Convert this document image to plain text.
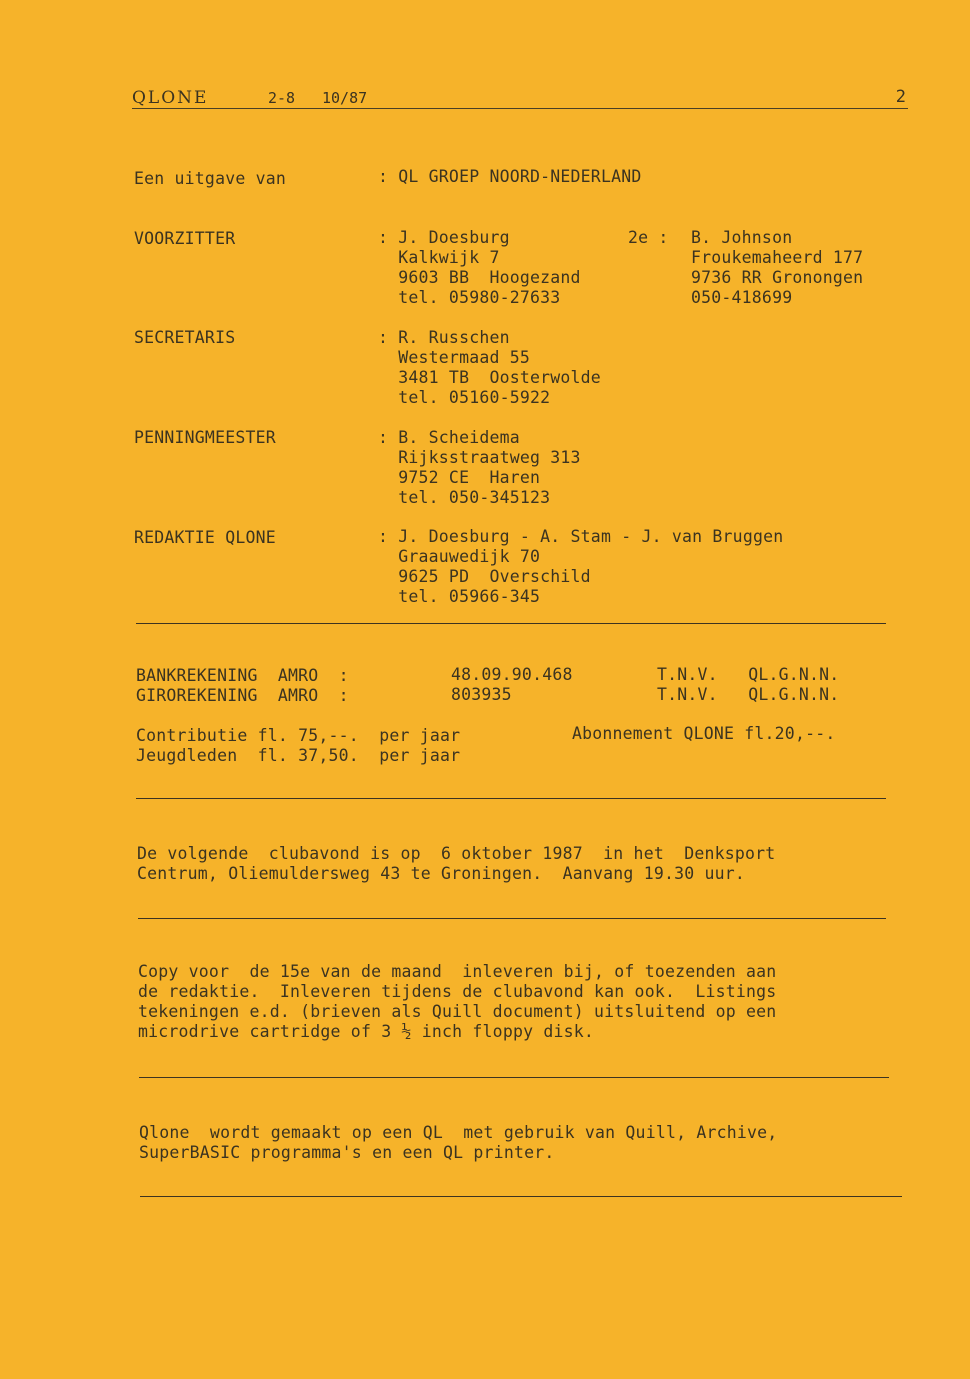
QLONE	2-8 10/87	2
Een uitgave van	: QL GROEP NOORD-NEDERLAND
VOORZITTER	: J. Doesburg
Kalkwijk 7
9603 BB  Hoogezand
tel. 05980-27633
2e : B. Johnson
Froukemaheerd 177
9736 RR Gronongen
050-418699
SECRETARIS	: R. Russchen
Westermaad 55
3481 TB  Oosterwolde
tel. 05160-5922
PENNINGMEESTER	: B. Scheidema
Rijksstraatweg 313
9752 CE  Haren
tel. 050-345123
REDAKTIE QLONE	: J. Doesburg - A. Stam - J. van Bruggen
Graauwedijk 70
9625 PD  Overschild
tel. 05966-345
BANKREKENING  AMRO  :	48.09.90.468	T.N.V.   QL.G.N.N.
GIROREKENING  AMRO  :	803935	T.N.V.   QL.G.N.N.
Contributie fl. 75,--.  per jaar	Abonnement QLONE fl.20,--.
Jeugdleden  fl. 37,50.  per jaar
De volgende  clubavond is op  6 oktober 1987  in het  Denksport
Centrum, Oliemuldersweg 43 te Groningen.  Aanvang 19.30 uur.
Copy voor  de 15e van de maand  inleveren bij, of toezenden aan
de redaktie.  Inleveren tijdens de clubavond kan ook.  Listings
tekeningen e.d. (brieven als Quill document) uitsluitend op een
microdrive cartridge of 3 ½ inch floppy disk.
Qlone  wordt gemaakt op een QL  met gebruik van Quill, Archive,
SuperBASIC programma's en een QL printer.
